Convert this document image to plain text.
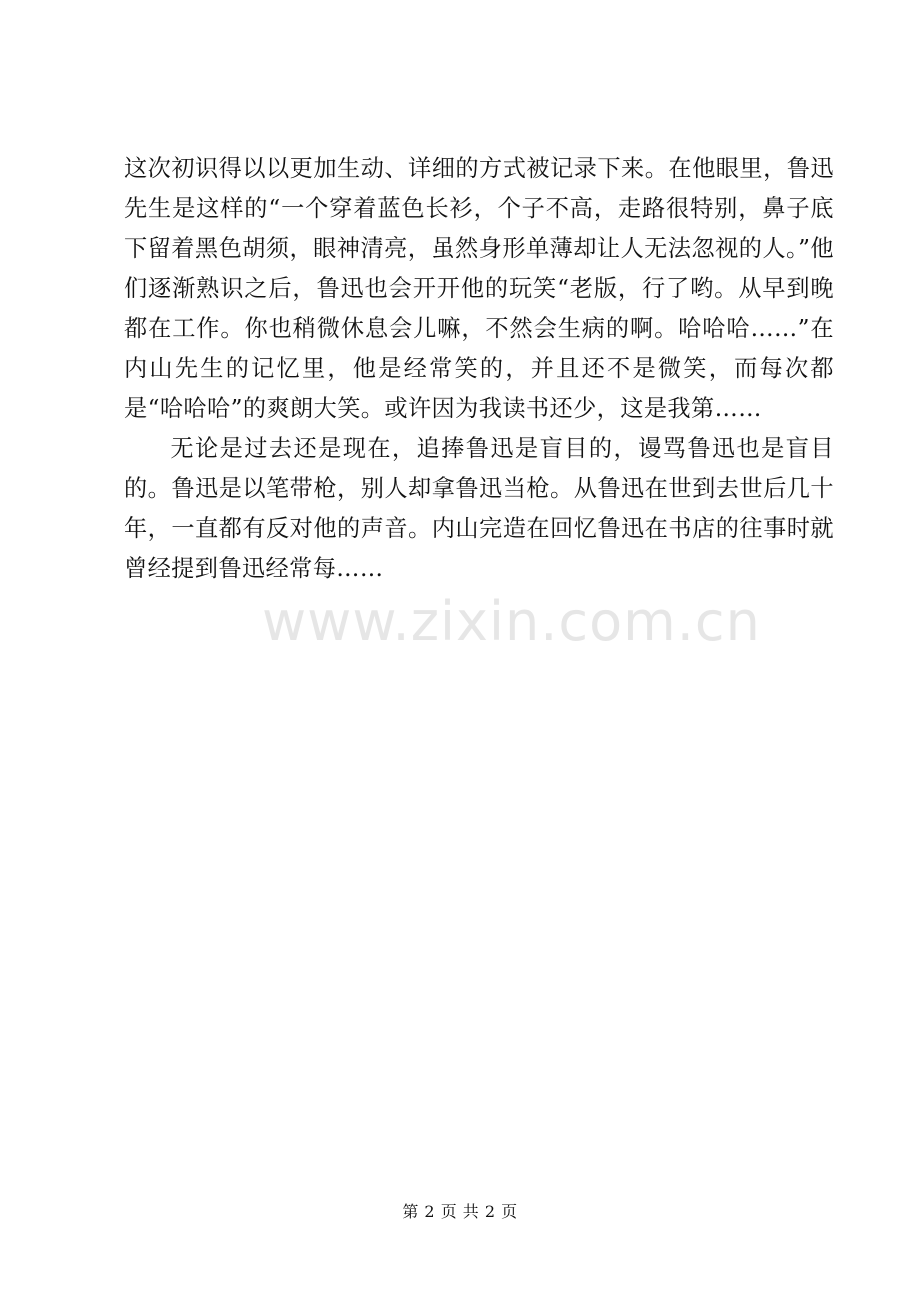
这次初识得以以更加生动、详细的方式被记录下来。在他眼里，鲁迅先生是这样的“一个穿着蓝色长衫，个子不高，走路很特别，鼻子底下留着黑色胡须，眼神清亮，虽然身形单薄却让人无法忽视的人。”他们逐渐熟识之后，鲁迅也会开开他的玩笑“老版，行了哟。从早到晚都在工作。你也稍微休息会儿嘛，不然会生病的啊。哈哈哈……”在内山先生的记忆里，他是经常笑的，并且还不是微笑，而每次都是“哈哈哈”的爽朗大笑。或许因为我读书还少，这是我第……

无论是过去还是现在，追捧鲁迅是盲目的，谩骂鲁迅也是盲目的。鲁迅是以笔带枪，别人却拿鲁迅当枪。从鲁迅在世到去世后几十年，一直都有反对他的声音。内山完造在回忆鲁迅在书店的往事时就曾经提到鲁迅经常每……

www.zixin.com.cn
第 2 页 共 2 页
